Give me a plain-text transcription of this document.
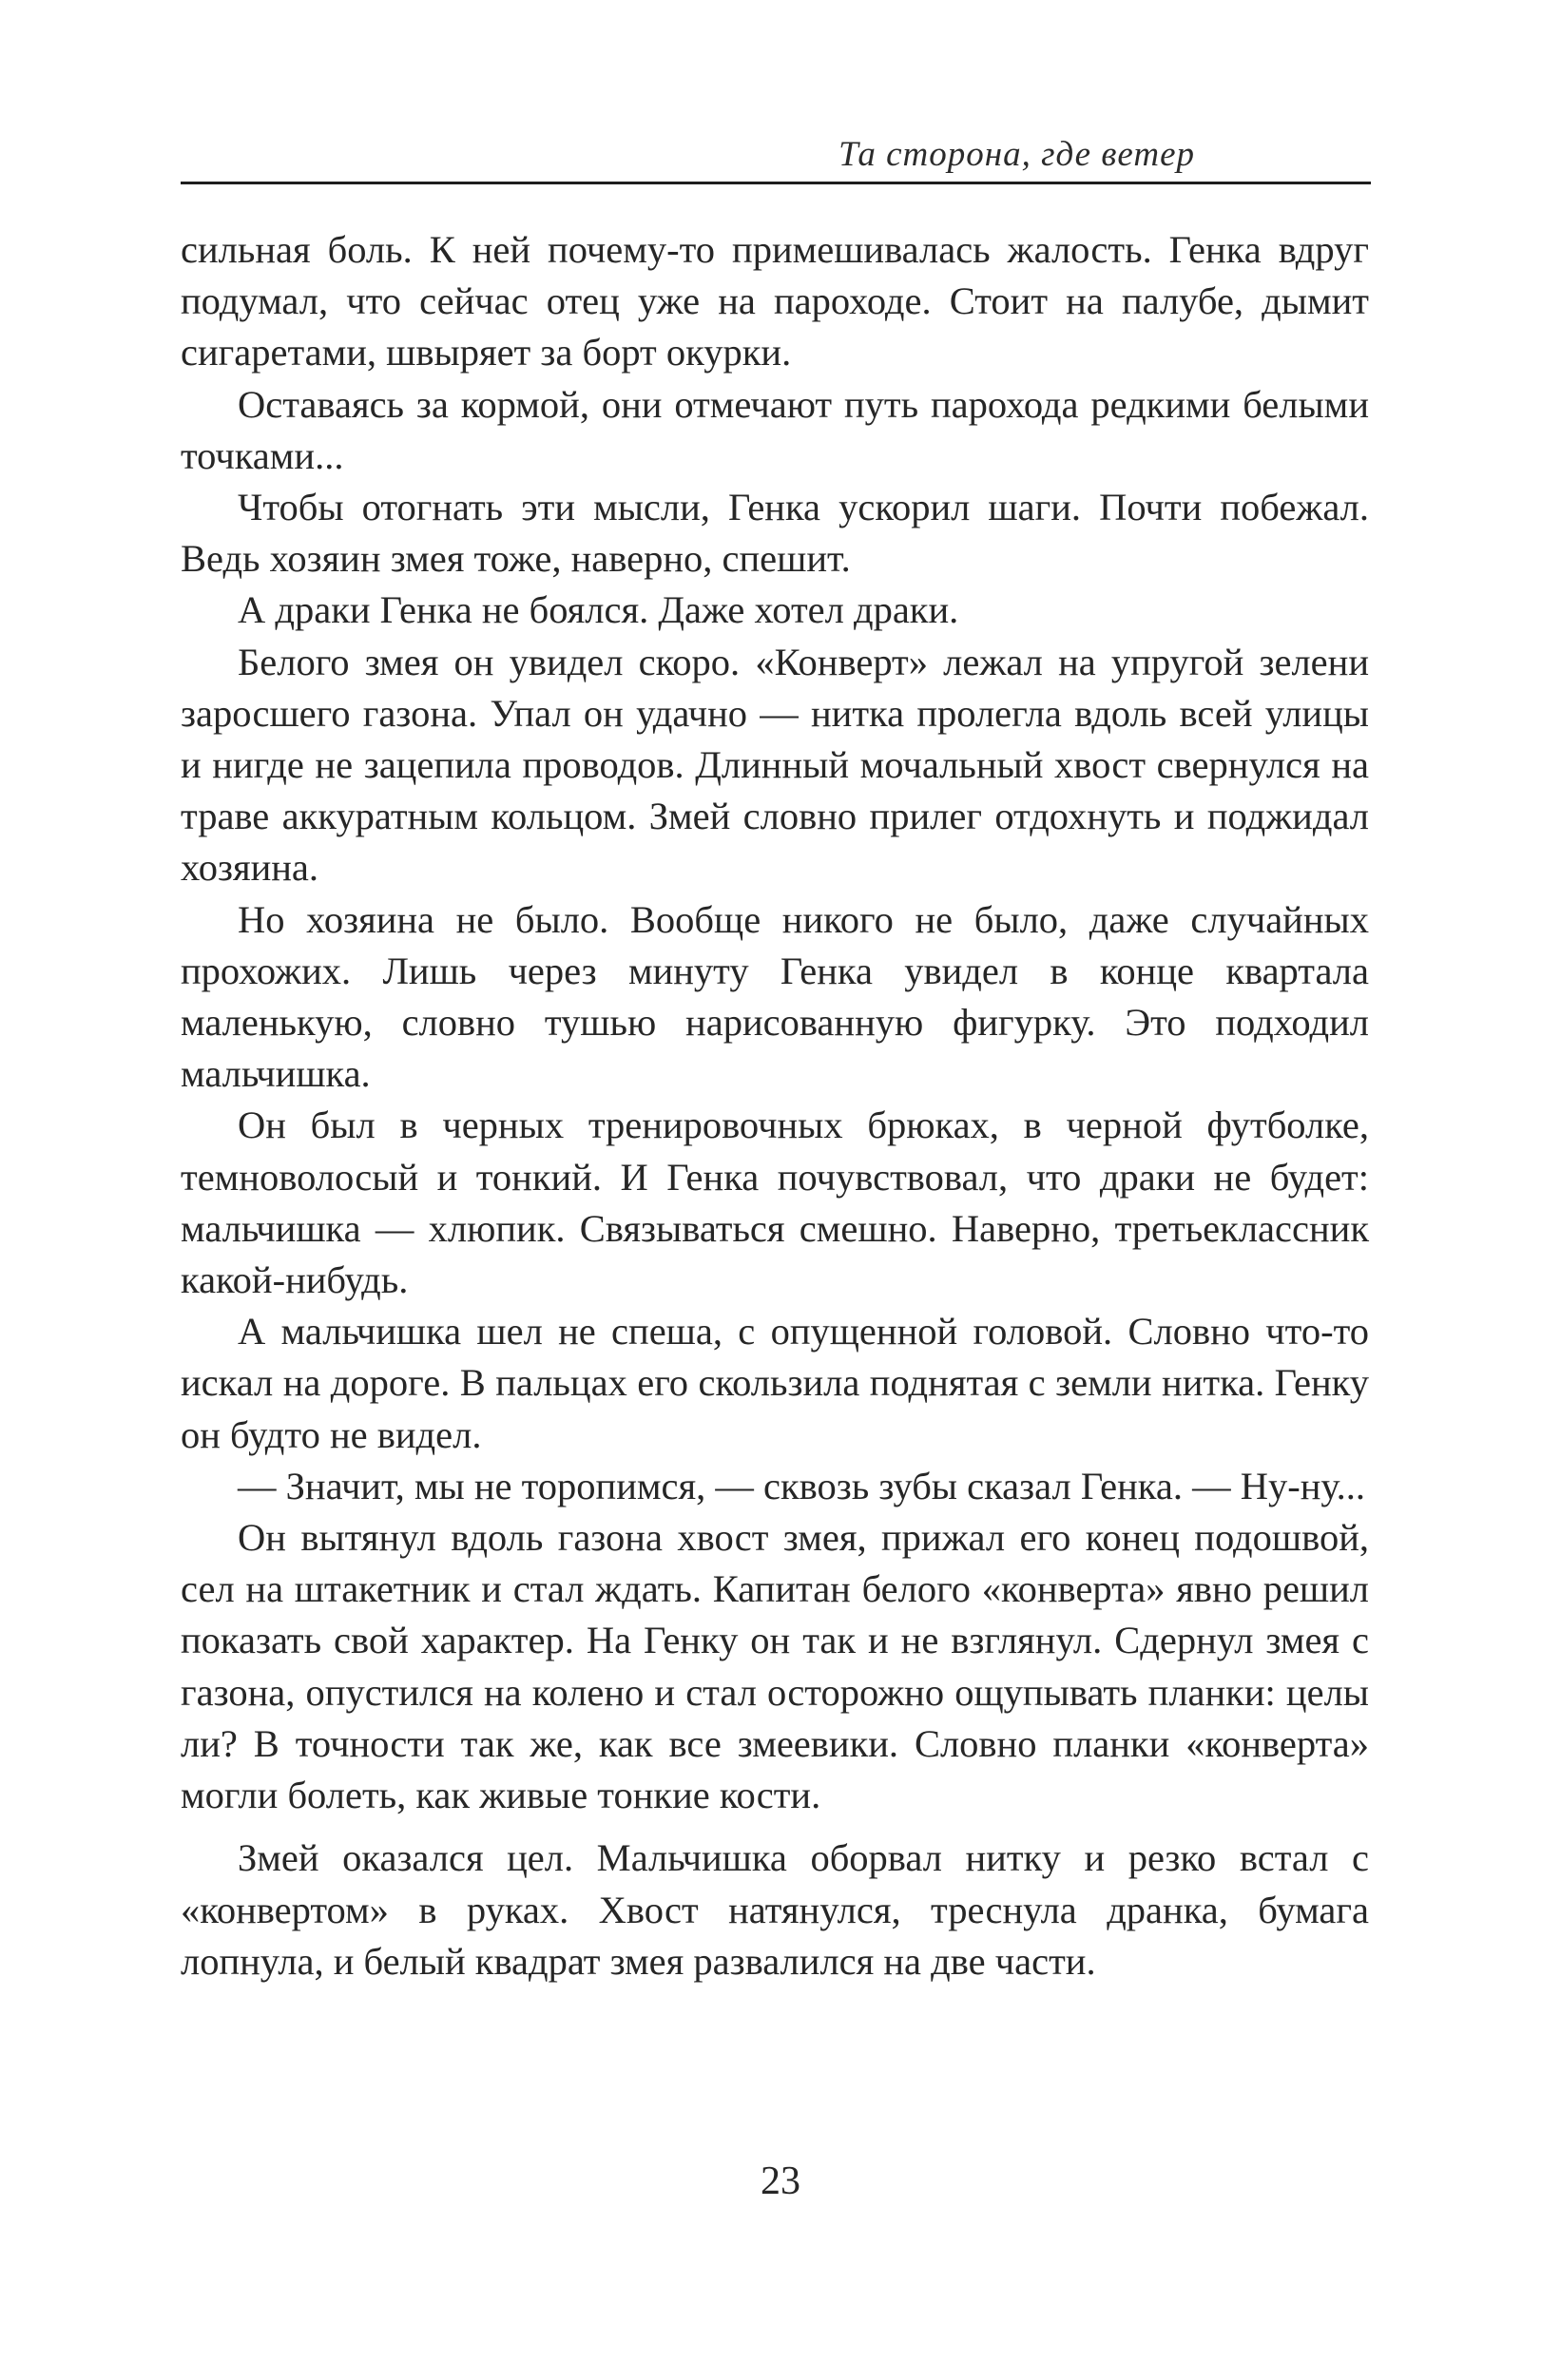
Та сторона, где ветер

сильная боль. К ней почему-то примешивалась жалость. Генка вдруг подумал, что сейчас отец уже на пароходе. Стоит на палубе, дымит сигаретами, швыряет за борт окурки.

Оставаясь за кормой, они отмечают путь парохода редкими белыми точками...

Чтобы отогнать эти мысли, Генка ускорил шаги. Почти побежал. Ведь хозяин змея тоже, наверно, спешит.

А драки Генка не боялся. Даже хотел драки.

Белого змея он увидел скоро. «Конверт» лежал на упругой зелени заросшего газона. Упал он удачно — нитка пролегла вдоль всей улицы и нигде не зацепила проводов. Длинный мочальный хвост свернулся на траве аккуратным кольцом. Змей словно прилег отдохнуть и поджидал хозяина.

Но хозяина не было. Вообще никого не было, даже случайных прохожих. Лишь через минуту Генка увидел в конце квартала маленькую, словно тушью нарисованную фигурку. Это подходил мальчишка.

Он был в черных тренировочных брюках, в черной футболке, темноволосый и тонкий. И Генка почувствовал, что драки не будет: мальчишка — хлюпик. Связываться смешно. Наверно, третьеклассник какой-нибудь.

А мальчишка шел не спеша, с опущенной головой. Словно что-то искал на дороге. В пальцах его скользила поднятая с земли нитка. Генку он будто не видел.

— Значит, мы не торопимся, — сквозь зубы сказал Генка. — Ну-ну...

Он вытянул вдоль газона хвост змея, прижал его конец подошвой, сел на штакетник и стал ждать. Капитан белого «конверта» явно решил показать свой характер. На Генку он так и не взглянул. Сдернул змея с газона, опустился на колено и стал осторожно ощупывать планки: целы ли? В точности так же, как все змеевики. Словно планки «конверта» могли болеть, как живые тонкие кости.

Змей оказался цел. Мальчишка оборвал нитку и резко встал с «конвертом» в руках. Хвост натянулся, треснула дранка, бумага лопнула, и белый квадрат змея развалился на две части.

23
